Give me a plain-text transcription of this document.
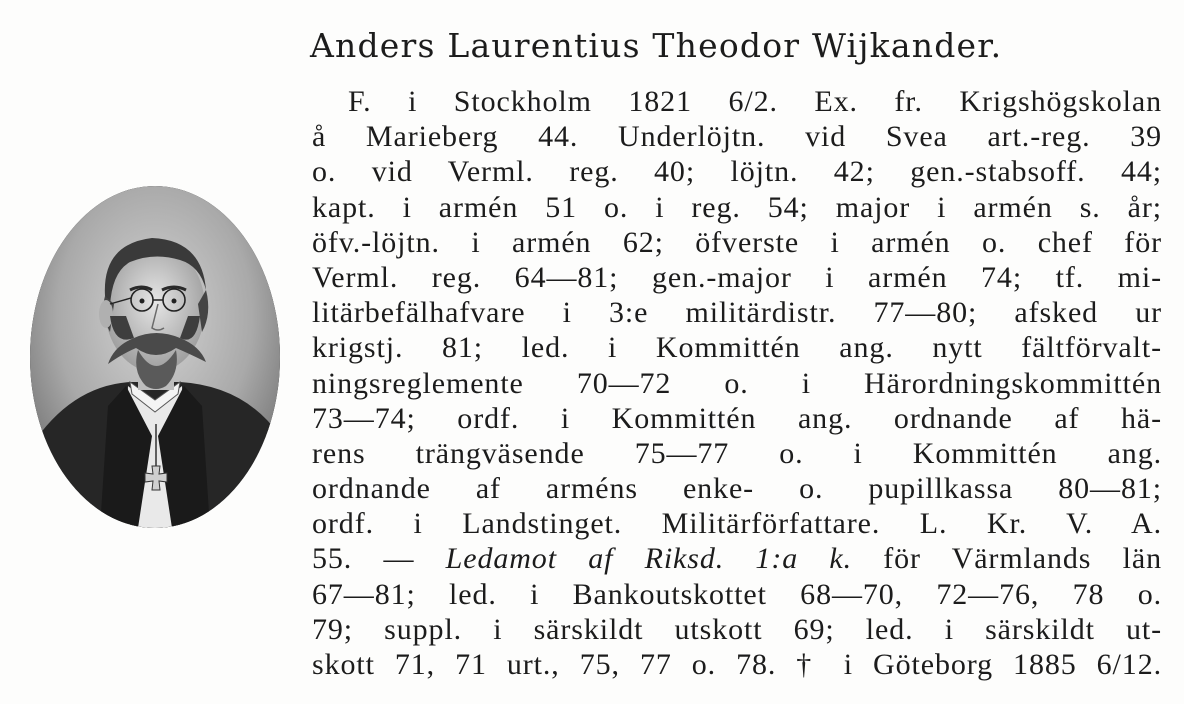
Anders Laurentius Theodor Wijkander.
F. i Stockholm 1821 6/2. Ex. fr. Krigshögskolan
å Marieberg 44. Underlöjtn. vid Svea art.-reg. 39
o. vid Verml. reg. 40; löjtn. 42; gen.-stabsoff. 44;
kapt. i armén 51 o. i reg. 54; major i armén s. år;
öfv.-löjtn. i armén 62; öfverste i armén o. chef för
Verml. reg. 64—81; gen.-major i armén 74; tf. mi-
litärbefälhafvare i 3:e militärdistr. 77—80; afsked ur
krigstj. 81; led. i Kommittén ang. nytt fältförvalt-
ningsreglemente 70—72 o. i Härordningskommittén
73—74; ordf. i Kommittén ang. ordnande af hä-
rens trängväsende 75—77 o. i Kommittén ang.
ordnande af arméns enke- o. pupillkassa 80—81;
ordf. i Landstinget. Militärförfattare. L. Kr. V. A.
55. — Ledamot af Riksd. 1:a k. för Värmlands län
67—81; led. i Bankoutskottet 68—70, 72—76, 78 o.
79; suppl. i särskildt utskott 69; led. i särskildt ut-
skott 71, 71 urt., 75, 77 o. 78. † i Göteborg 1885 6/12.
